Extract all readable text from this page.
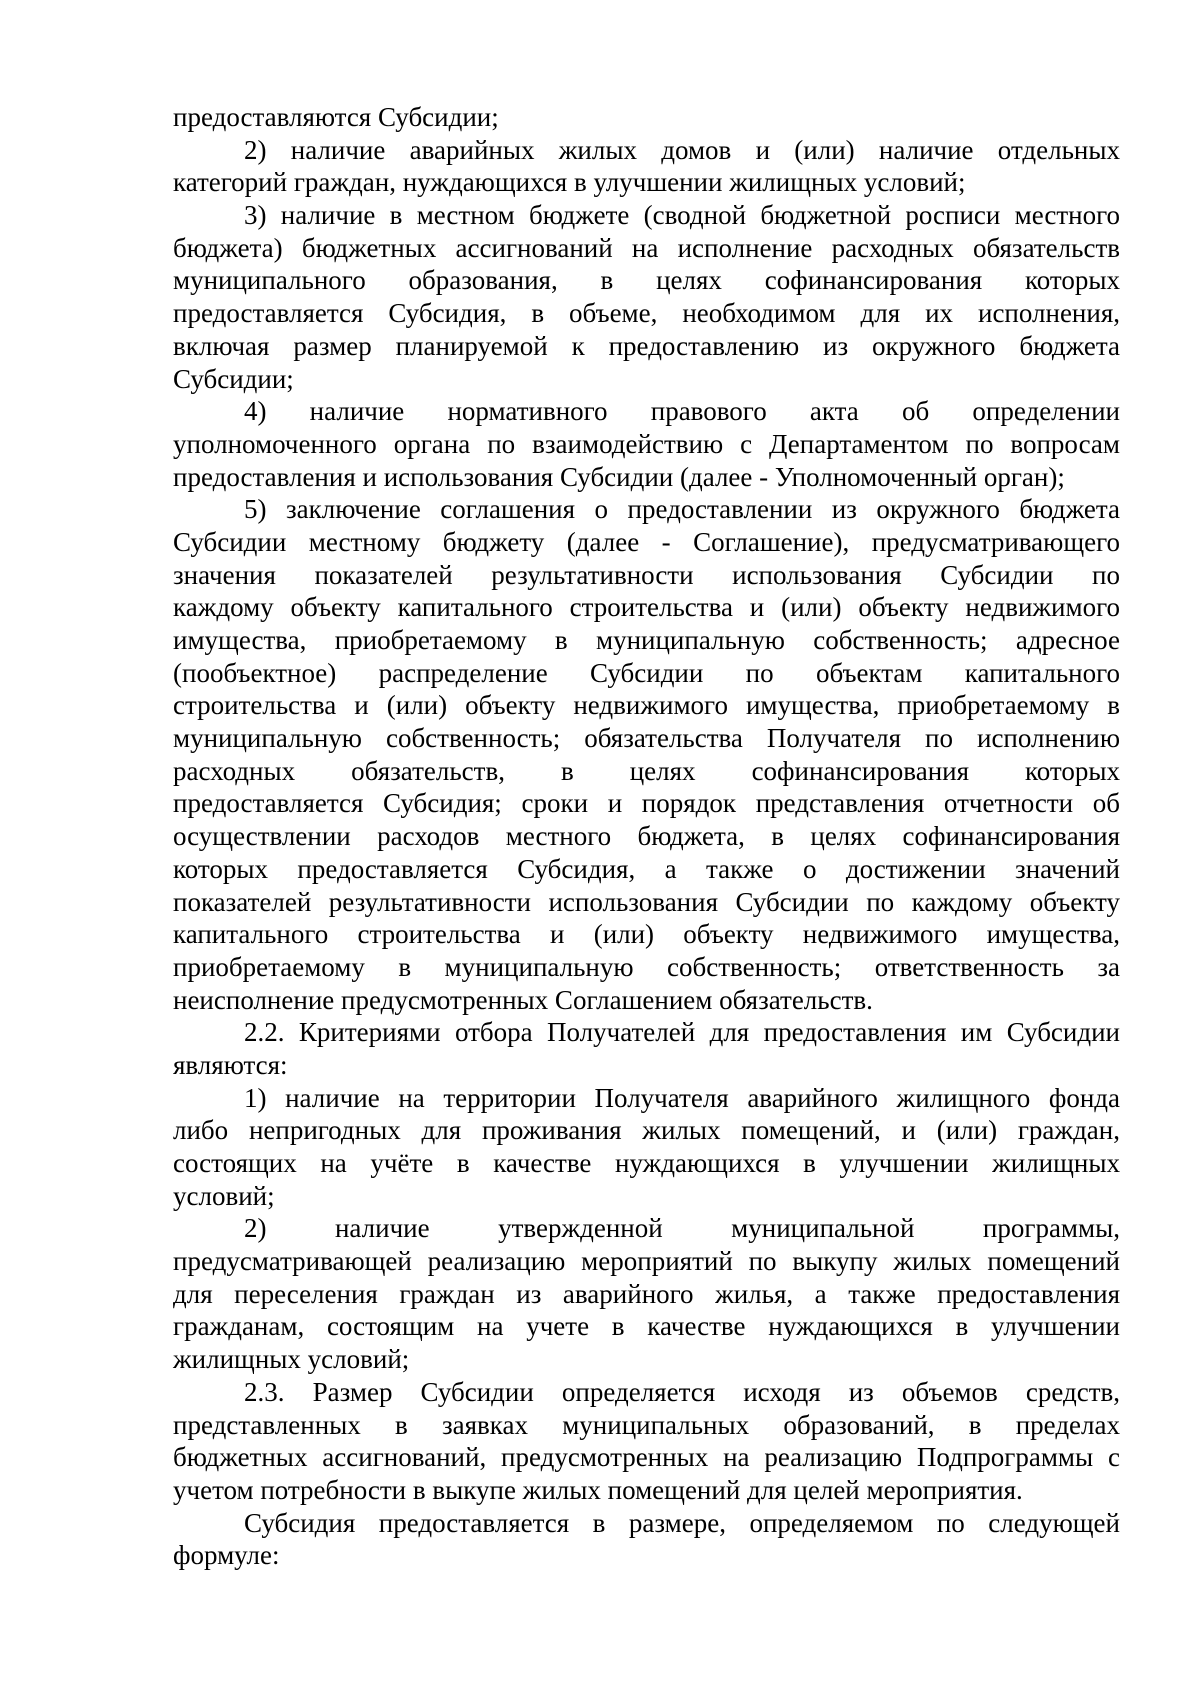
предоставляются Субсидии;
2) наличие аварийных жилых домов и (или) наличие отдельных
категорий граждан, нуждающихся в улучшении жилищных условий;
3) наличие в местном бюджете (сводной бюджетной росписи местного
бюджета) бюджетных ассигнований на исполнение расходных обязательств
муниципального образования, в целях софинансирования которых
предоставляется Субсидия, в объеме, необходимом для их исполнения,
включая размер планируемой к предоставлению из окружного бюджета
Субсидии;
4) наличие нормативного правового акта об определении
уполномоченного органа по взаимодействию с Департаментом по вопросам
предоставления и использования Субсидии (далее - Уполномоченный орган);
5) заключение соглашения о предоставлении из окружного бюджета
Субсидии местному бюджету (далее - Соглашение), предусматривающего
значения показателей результативности использования Субсидии по
каждому объекту капитального строительства и (или) объекту недвижимого
имущества, приобретаемому в муниципальную собственность; адресное
(пообъектное) распределение Субсидии по объектам капитального
строительства и (или) объекту недвижимого имущества, приобретаемому в
муниципальную собственность; обязательства Получателя по исполнению
расходных обязательств, в целях софинансирования которых
предоставляется Субсидия; сроки и порядок представления отчетности об
осуществлении расходов местного бюджета, в целях софинансирования
которых предоставляется Субсидия, а также о достижении значений
показателей результативности использования Субсидии по каждому объекту
капитального строительства и (или) объекту недвижимого имущества,
приобретаемому в муниципальную собственность; ответственность за
неисполнение предусмотренных Соглашением обязательств.
2.2. Критериями отбора Получателей для предоставления им Субсидии
являются:
1) наличие на территории Получателя аварийного жилищного фонда
либо непригодных для проживания жилых помещений, и (или) граждан,
состоящих на учёте в качестве нуждающихся в улучшении жилищных
условий;
2) наличие утвержденной муниципальной программы,
предусматривающей реализацию мероприятий по выкупу жилых помещений
для переселения граждан из аварийного жилья, а также предоставления
гражданам, состоящим на учете в качестве нуждающихся в улучшении
жилищных условий;
2.3. Размер Субсидии определяется исходя из объемов средств,
представленных в заявках муниципальных образований, в пределах
бюджетных ассигнований, предусмотренных на реализацию Подпрограммы с
учетом потребности в выкупе жилых помещений для целей мероприятия.
Субсидия предоставляется в размере, определяемом по следующей
формуле:
